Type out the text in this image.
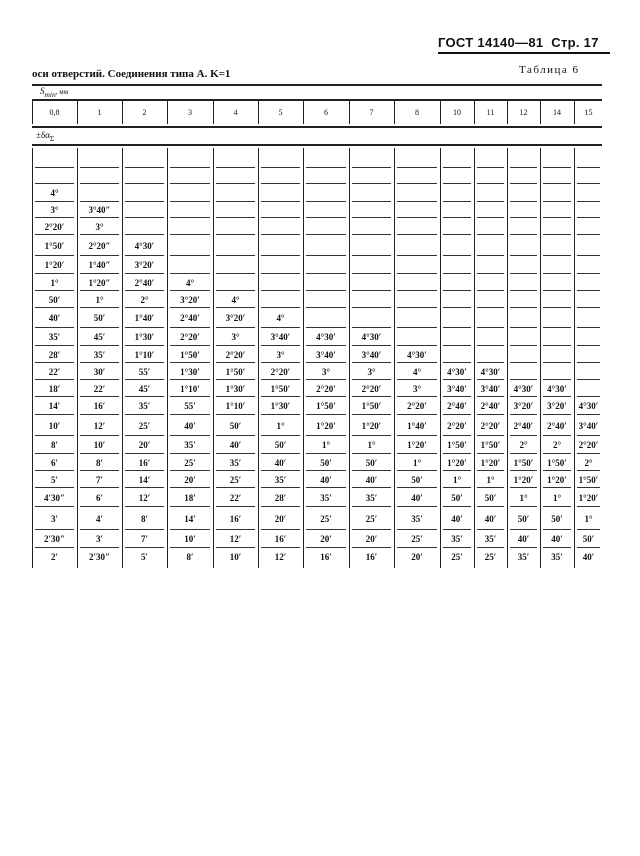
ГОСТ 14140—81 Стр. 17
оси отверстий. Соединения типа А. K=1	Таблица 6
$S_{min}$, мм
0,8	1	2	3	4	5	6	7	8	10	11	12	14	15
$\pm\delta\alpha_\Sigma$
4°
3°	3°40″
2°20′	3°
1°50′	2°20″	4°30′
1°20′	1°40″	3°20′
1°	1°20″	2°40′	4°
50′	1°	2°	3°20′	4°
40′	50′	1°40′	2°40′	3°20′	4°
35′	45′	1°30′	2°20′	3°	3°40′	4°30′	4°30′
28′	35′	1°10′	1°50′	2°20′	3°	3°40′	3°40′	4°30′
22′	30′	55′	1°30′	1°50′	2°20′	3°	3°	4°	4°30′	4°30′
18′	22′	45′	1°10′	1°30′	1°50′	2°20′	2°20′	3°	3°40′	3°40′	4°30′	4°30′
14′	16′	35′	55′	1°10′	1°30′	1°50′	1°50′	2°20′	2°40′	2°40′	3°20′	3°20′	4°30′
10′	12′	25′	40′	50′	1°	1°20′	1°20′	1°40′	2°20′	2°20′	2°40′	2°40′	3°40′
8′	10′	20′	35′	40′	50′	1°	1°	1°20′	1°50′	1°50′	2°	2°	2°20′
6′	8′	16′	25′	35′	40′	50′	50′	1°	1°20′	1°20′	1°50′	1°50′	2°
5′	7′	14′	20′	25′	35′	40′	40′	50′	1°	1°	1°20′	1°20′	1°50′
4′30″	6′	12′	18′	22′	28′	35′	35′	40′	50′	50′	1°	1°	1°20′
3′	4′	8′	14′	16′	20′	25′	25′	35′	40′	40′	50′	50′	1°
2′30″	3′	7′	10′	12′	16′	20′	20′	25′	35′	35′	40′	40′	50′
2′	2′30″	5′	8′	10′	12′	16′	16′	20′	25′	25′	35′	35′	40′
